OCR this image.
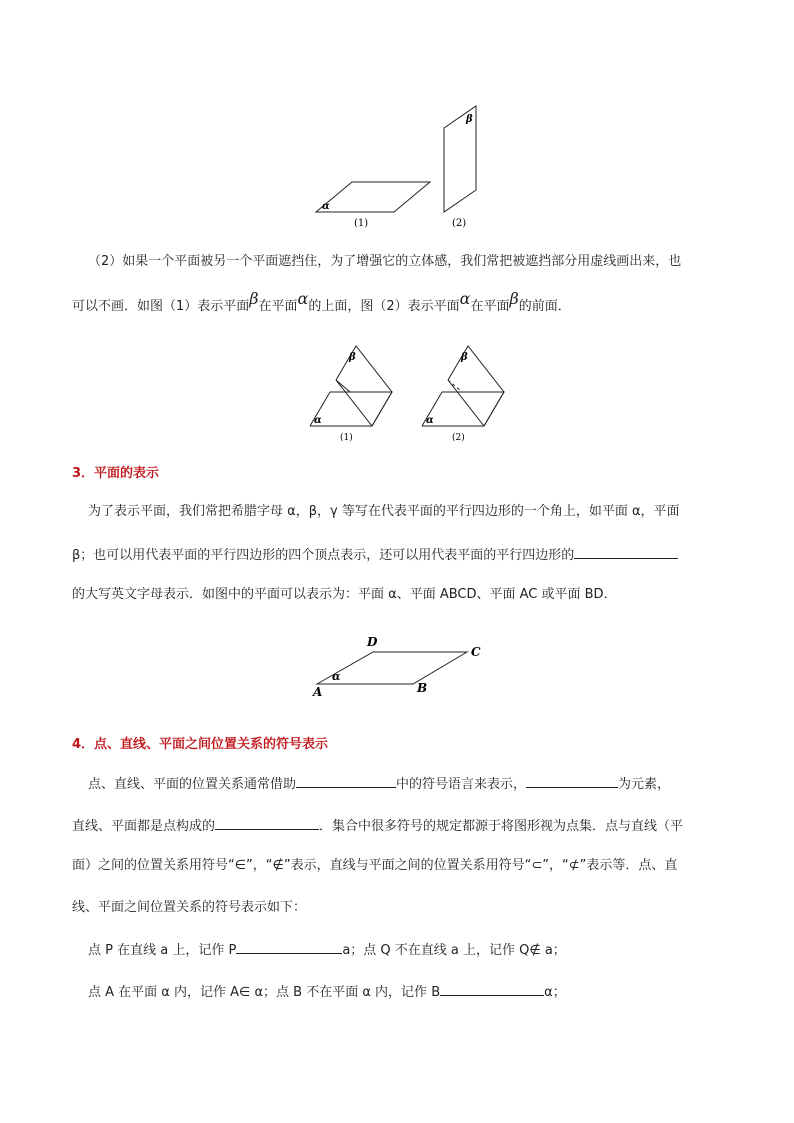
α
(1)
β
(2)
（2）如果一个平面被另一个平面遮挡住，为了增强它的立体感，我们常把被遮挡部分用虚线画出来，也
可以不画．如图（1）表示平面β在平面α的上面，图（2）表示平面α在平面β的前面．
α
β
(1)
α
β
(2)
3．平面的表示
为了表示平面，我们常把希腊字母 α，β，γ 等写在代表平面的平行四边形的一个角上，如平面 α，平面
β；也可以用代表平面的平行四边形的四个顶点表示，还可以用代表平面的平行四边形的
的大写英文字母表示．如图中的平面可以表示为：平面 α、平面 ABCD、平面 AC 或平面 BD．
D
C
A	B
α
4．点、直线、平面之间位置关系的符号表示
点、直线、平面的位置关系通常借助	中的符号语言来表示，	为元素，
直线、平面都是点构成的	．集合中很多符号的规定都源于将图形视为点集．点与直线（平
面）之间的位置关系用符号“∈”，“∉”表示，直线与平面之间的位置关系用符号“⊂”，“⊄”表示等．点、直
线、平面之间位置关系的符号表示如下：
点 P 在直线 a 上，记作 P	a；点 Q 不在直线 a 上，记作 Q∉ a；
点 A 在平面 α 内，记作 A∈ α；点 B 不在平面 α 内，记作 B	α；
